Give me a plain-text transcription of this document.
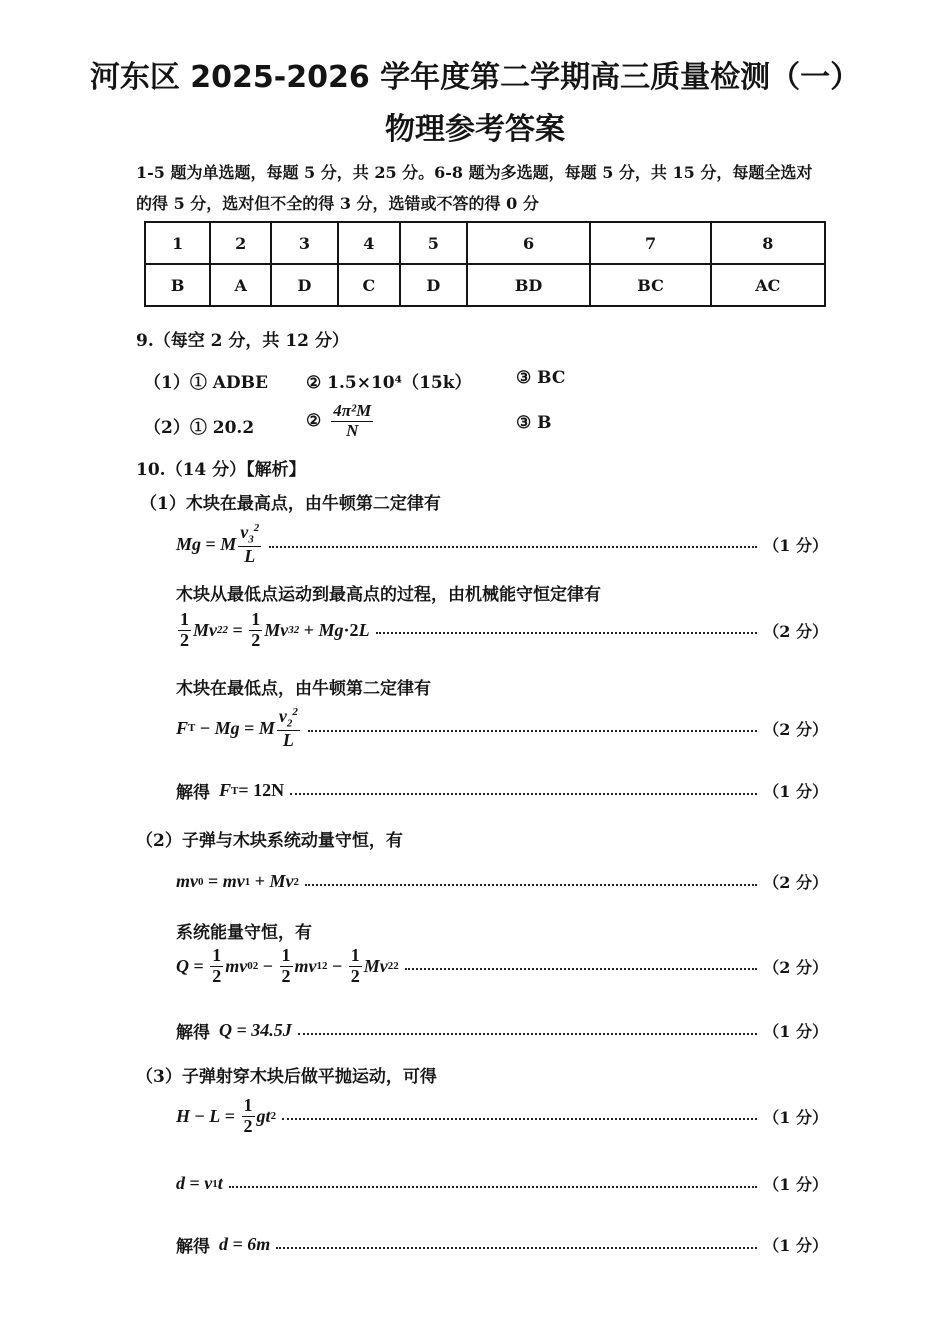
河东区 2025-2026 学年度第二学期高三质量检测（一）
物理参考答案
1-5 题为单选题，每题 5 分，共 25 分。6-8 题为多选题，每题 5 分，共 15 分，每题全选对
的得 5 分，选对但不全的得 3 分，选错或不答的得 0 分
1	2	3	4	5	6	7	8
B	A	D	C	D	BD	BC	AC
9.（每空 2 分，共 12 分）
（1）① ADBE ② 1.5×10⁴（15k）	③ BC
（2）① 20.2	② $\frac{\text{4π²M}}{N}$	③ B
10.（14 分）【解析】
（1）木块在最高点，由牛顿第二定律有
Mg = M $\frac{v_3^2}{L}$	（1 分）
木块从最低点运动到最高点的过程，由机械能守恒定律有
$\frac{1}{2}$ Mv 2 $2 = \frac{1}{2}$ Mv 3 2 + Mg ·2 L	（2 分）
木块在最低点，由牛顿第二定律有
F T − Mg = M $\frac{v_2^2}{L}$	（2 分）
解得 F T = 12N	（1 分）
（2）子弹与木块系统动量守恒，有
mv 0 = mv 1 + Mv 2	（2 分）
系统能量守恒，有
$Q = \frac{1}{2}$ mv 0 $2 - \frac{1}{2}$ mv 1 $2 - \frac{1}{2}$ Mv 2 2	（2 分）
解得
Q = 34.5J	（1 分）
（3）子弹射穿木块后做平抛运动，可得
$H - L = \frac{1}{2}$ gt 2	（1 分）
d = v 1 t	（1 分）
解得
d = 6m	（1 分）
